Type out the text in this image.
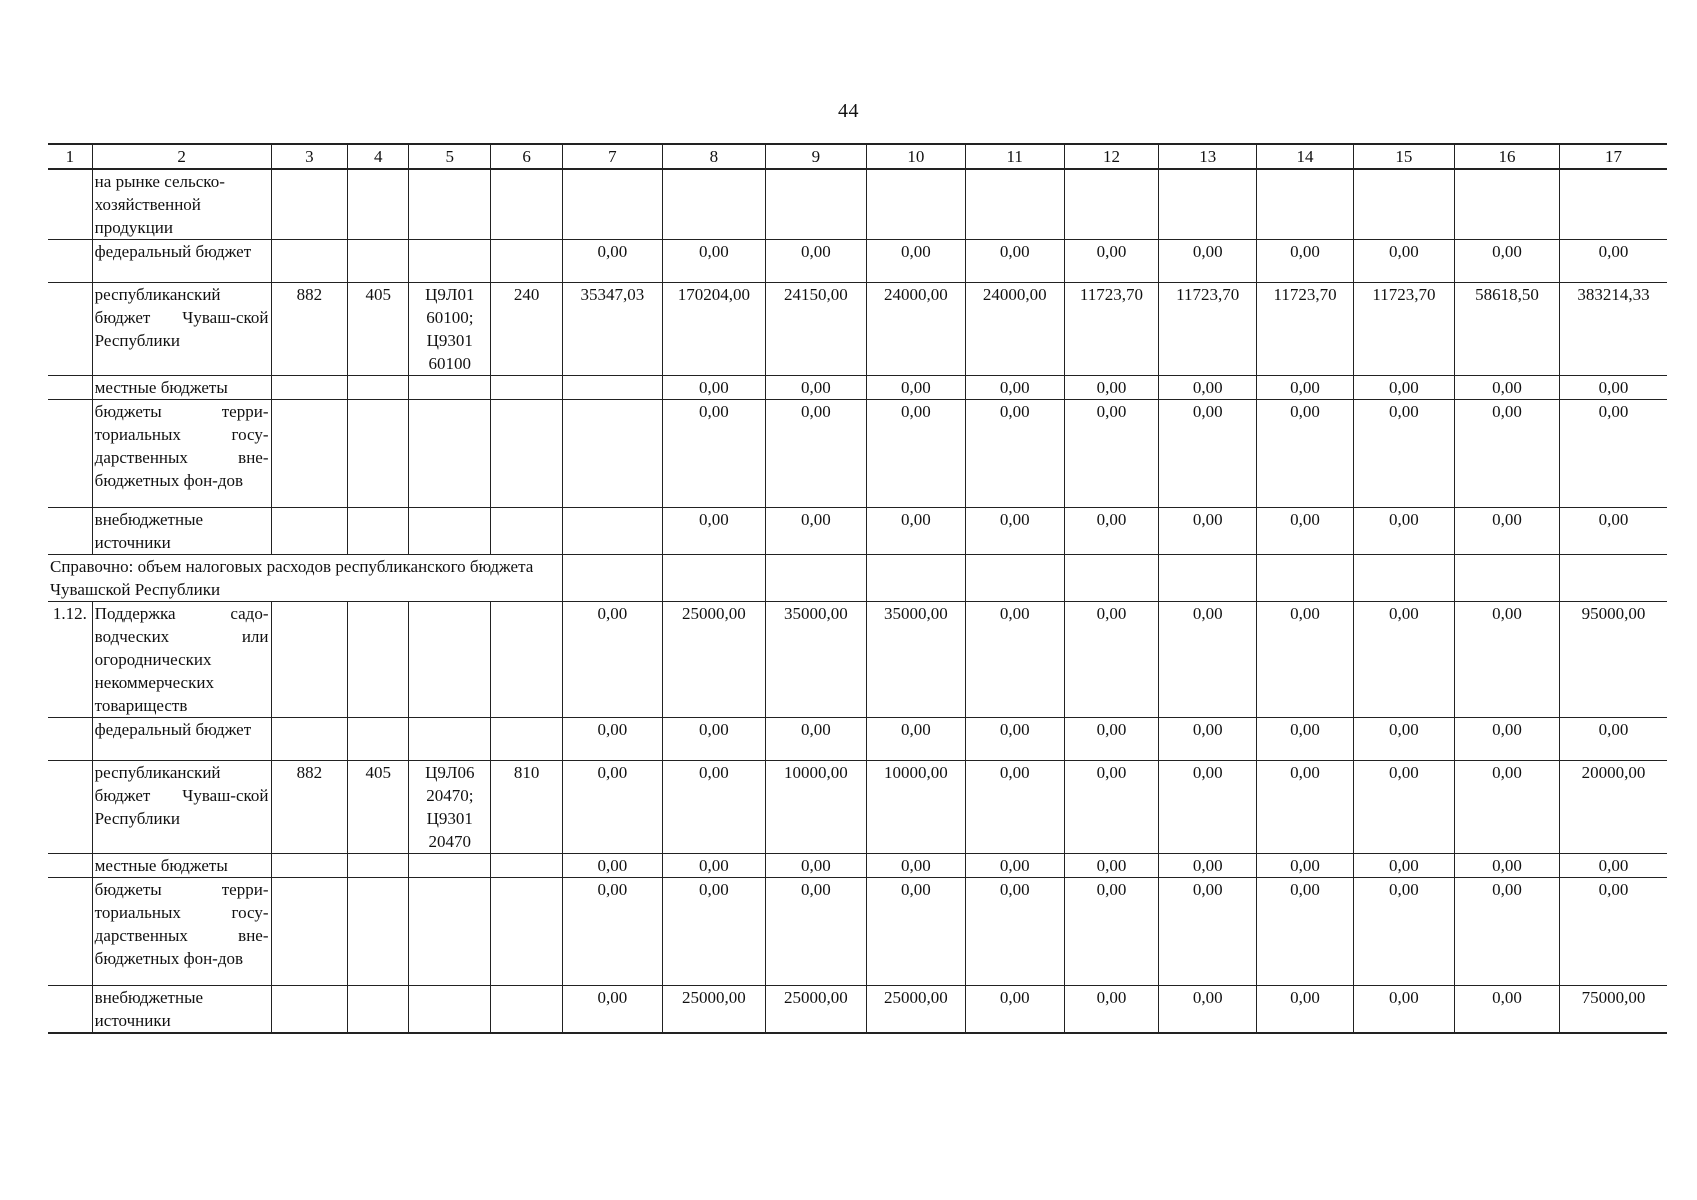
44
1	2	3	4	5	6	7	8	9	10	11	12	13	14	15	16	17
	на рынке сельско-хозяйственной продукции															
	федеральный бюджет					0,00	0,00	0,00	0,00	0,00	0,00	0,00	0,00	0,00	0,00	0,00
	республиканский бюджет Чуваш-ской Республики	882	405	Ц9Л01 60100; Ц9301 60100	240	35347,03	170204,00	24150,00	24000,00	24000,00	11723,70	11723,70	11723,70	11723,70	58618,50	383214,33
	местные бюджеты						0,00	0,00	0,00	0,00	0,00	0,00	0,00	0,00	0,00	0,00
	бюджеты терри-ториальных госу-дарственных вне-бюджетных фон-дов						0,00	0,00	0,00	0,00	0,00	0,00	0,00	0,00	0,00	0,00
	внебюджетные источники						0,00	0,00	0,00	0,00	0,00	0,00	0,00	0,00	0,00	0,00
Справочно: объем налоговых расходов республиканского бюджета Чувашской Республики																
1.12.	Поддержка садо-водческих или огороднических некоммерческих товариществ					0,00	25000,00	35000,00	35000,00	0,00	0,00	0,00	0,00	0,00	0,00	95000,00
	федеральный бюджет					0,00	0,00	0,00	0,00	0,00	0,00	0,00	0,00	0,00	0,00	0,00
	республиканский бюджет Чуваш-ской Республики	882	405	Ц9Л06 20470; Ц9301 20470	810	0,00	0,00	10000,00	10000,00	0,00	0,00	0,00	0,00	0,00	0,00	20000,00
	местные бюджеты					0,00	0,00	0,00	0,00	0,00	0,00	0,00	0,00	0,00	0,00	0,00
	бюджеты терри-ториальных госу-дарственных вне-бюджетных фон-дов					0,00	0,00	0,00	0,00	0,00	0,00	0,00	0,00	0,00	0,00	0,00
	внебюджетные источники					0,00	25000,00	25000,00	25000,00	0,00	0,00	0,00	0,00	0,00	0,00	75000,00
